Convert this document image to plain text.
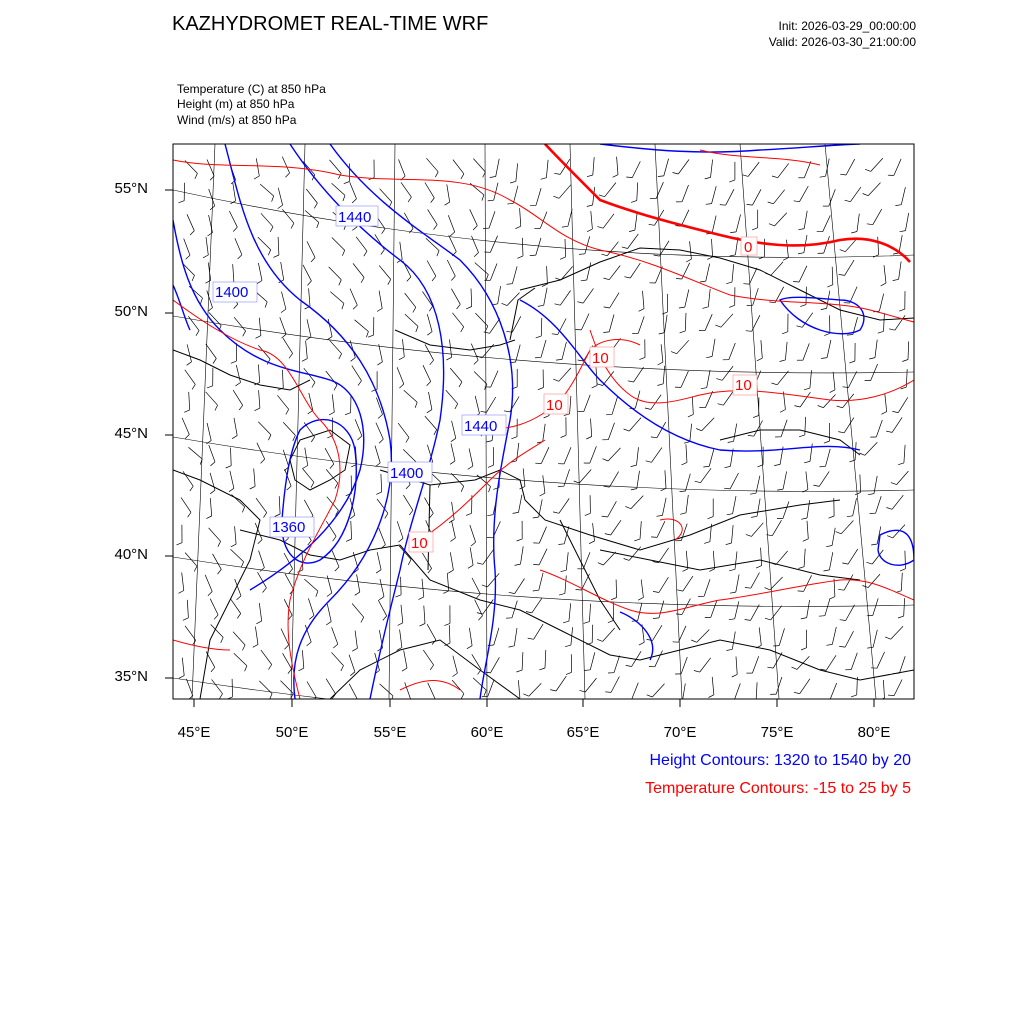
KAZHYDROMET REAL-TIME WRF	Init: 2026-03-29_00:00:00
Valid: 2026-03-30_21:00:00
Temperature (C) at 850 hPa
Height (m) at 850 hPa
Wind (m/s) at 850 hPa
1440
1400
1440
1400
1360
0
10
10
10
10
55°N
50°N
45°N
40°N
35°N
45°E	50°E	55°E	60°E	65°E	70°E	75°E	80°E
Height Contours: 1320 to 1540 by 20
Temperature Contours: -15 to 25 by 5
